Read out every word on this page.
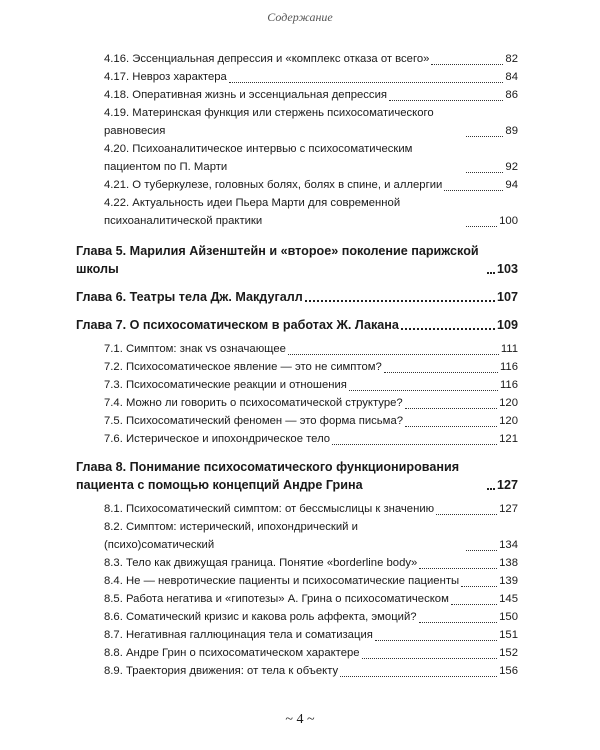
Содержание
4.16. Эссенциальная депрессия и «комплекс отказа от всего»	82
4.17. Невроз характера	84
4.18. Оперативная жизнь и эссенциальная депрессия	86
4.19. Материнская функция или стержень психосоматического равновесия	89
4.20. Психоаналитическое интервью с психосоматическим пациентом по П. Марти	92
4.21. О туберкулезе, головных болях, болях в спине, и аллергии	94
4.22. Актуальность идеи Пьера Марти для современной психоаналитической практики	100
Глава 5. Марилия Айзенштейн и «второе» поколение парижской школы	103
Глава 6. Театры тела Дж. Макдугалл	107
Глава 7. О психосоматическом в работах Ж. Лакана	109
7.1. Симптом: знак vs означающее	111
7.2. Психосоматическое явление — это не симптом?	116
7.3. Психосоматические реакции и отношения	116
7.4. Можно ли говорить о психосоматической структуре?	120
7.5. Психосоматический феномен — это форма письма?	120
7.6. Истерическое и ипохондрическое тело	121
Глава 8. Понимание психосоматического функционирования пациента с помощью концепций Андре Грина	127
8.1. Психосоматический симптом: от бессмыслицы к значению	127
8.2. Симптом: истерический, ипохондрический и (психо)соматический	134
8.3. Тело как движущая граница. Понятие «borderline body»	138
8.4. Не — невротические пациенты и психосоматические пациенты	139
8.5. Работа негатива и «гипотезы» А. Грина о психосоматическом	145
8.6. Соматический кризис и какова роль аффекта, эмоций?	150
8.7. Негативная галлюцинация тела и соматизация	151
8.8. Андре Грин о психосоматическом характере	152
8.9. Траектория движения: от тела к объекту	156
~ 4 ~
